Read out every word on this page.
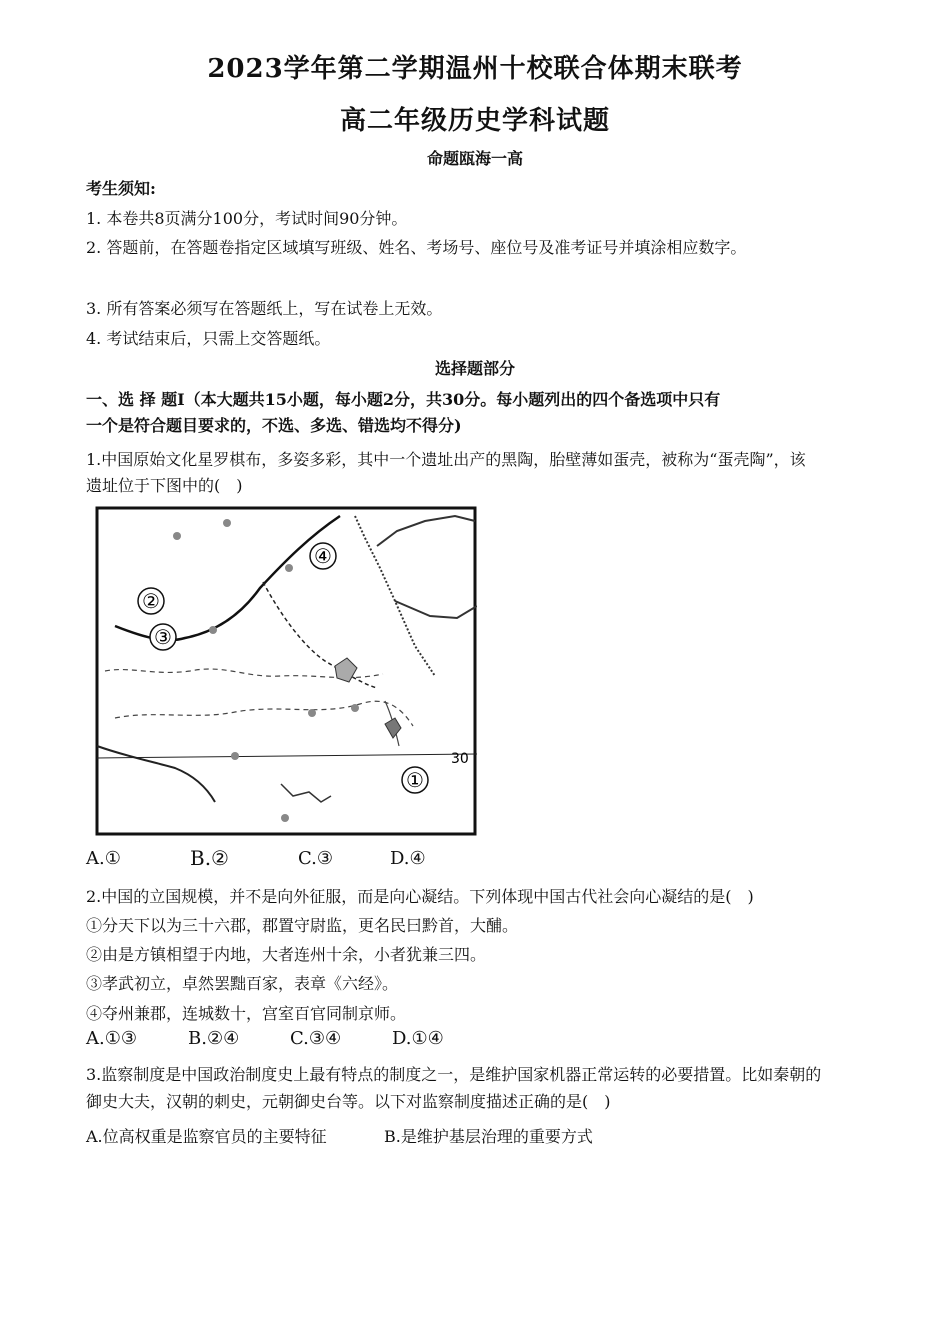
2023学年第二学期温州十校联合体期末联考
高二年级历史学科试题
命题瓯海一高
考生须知:
1. 本卷共8页满分100分，考试时间90分钟。
2. 答题前，在答题卷指定区域填写班级、姓名、考场号、座位号及准考证号并填涂相应数字。
3. 所有答案必须写在答题纸上，写在试卷上无效。
4. 考试结束后，只需上交答题纸。
选择题部分
一、选 择 题I（本大题共15小题，每小题2分，共30分。每小题列出的四个备选项中只有
一个是符合题目要求的，不选、多选、错选均不得分)
1.中国原始文化星罗棋布，多姿多彩，其中一个遗址出产的黑陶，胎壁薄如蛋壳，被称为“蛋壳陶”，该
遗址位于下图中的(　)
④
②
③
①
30
A.①	B.②	C.③	D.④
2.中国的立国规模，并不是向外征服，而是向心凝结。下列体现中国古代社会向心凝结的是(　)
①分天下以为三十六郡，郡置守尉监，更名民曰黔首，大酺。
②由是方镇相望于内地，大者连州十余，小者犹兼三四。
③孝武初立，卓然罢黜百家，表章《六经》。
④夺州兼郡，连城数十，宫室百官同制京师。
A.①③	B.②④	C.③④	D.①④
3.监察制度是中国政治制度史上最有特点的制度之一，是维护国家机器正常运转的必要措置。比如秦朝的
御史大夫，汉朝的刺史，元朝御史台等。以下对监察制度描述正确的是(　)
A.位高权重是监察官员的主要特征	B.是维护基层治理的重要方式
